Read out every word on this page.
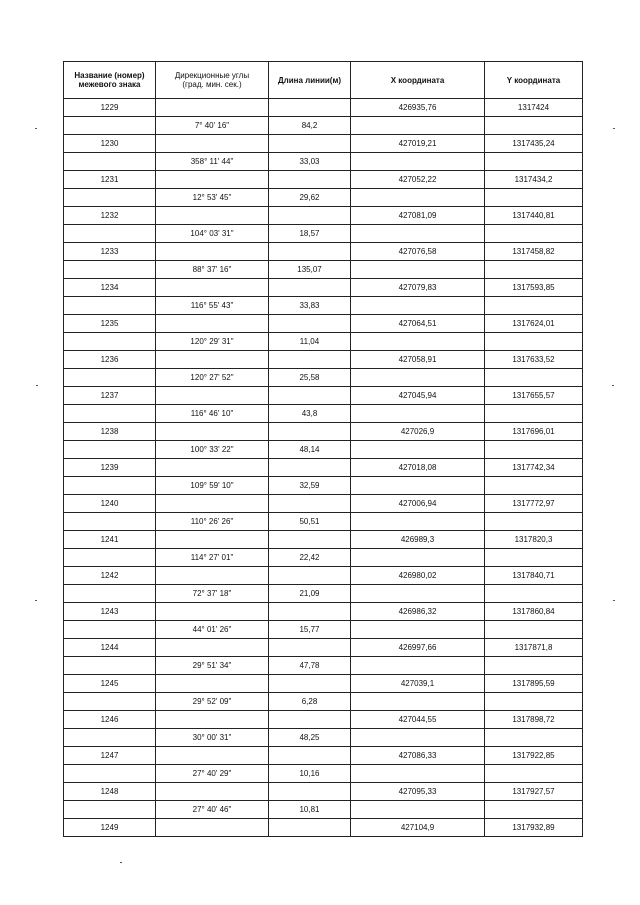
Название (номер)
межевого знака	Дирекционные углы
(град. мин. сек.)	Длина линии(м)	X координата	Y координата

1229			426935,76	1317424
	7° 40' 16"	84,2		
1230			427019,21	1317435,24
	358° 11' 44"	33,03		
1231			427052,22	1317434,2
	12° 53' 45"	29,62		
1232			427081,09	1317440,81
	104° 03' 31"	18,57		
1233			427076,58	1317458,82
	88° 37' 16"	135,07		
1234			427079,83	1317593,85
	116° 55' 43"	33,83		
1235			427064,51	1317624,01
	120° 29' 31"	11,04		
1236			427058,91	1317633,52
	120° 27' 52"	25,58		
1237			427045,94	1317655,57
	116° 46' 10"	43,8		
1238			427026,9	1317696,01
	100° 33' 22"	48,14		
1239			427018,08	1317742,34
	109° 59' 10"	32,59		
1240			427006,94	1317772,97
	110° 26' 26"	50,51		
1241			426989,3	1317820,3
	114° 27' 01"	22,42		
1242			426980,02	1317840,71
	72° 37' 18"	21,09		
1243			426986,32	1317860,84
	44° 01' 26"	15,77		
1244			426997,66	1317871,8
	29° 51' 34"	47,78		
1245			427039,1	1317895,59
	29° 52' 09"	6,28		
1246			427044,55	1317898,72
	30° 00' 31"	48,25		
1247			427086,33	1317922,85
	27° 40' 29"	10,16		
1248			427095,33	1317927,57
	27° 40' 46"	10,81		
1249			427104,9	1317932,89
